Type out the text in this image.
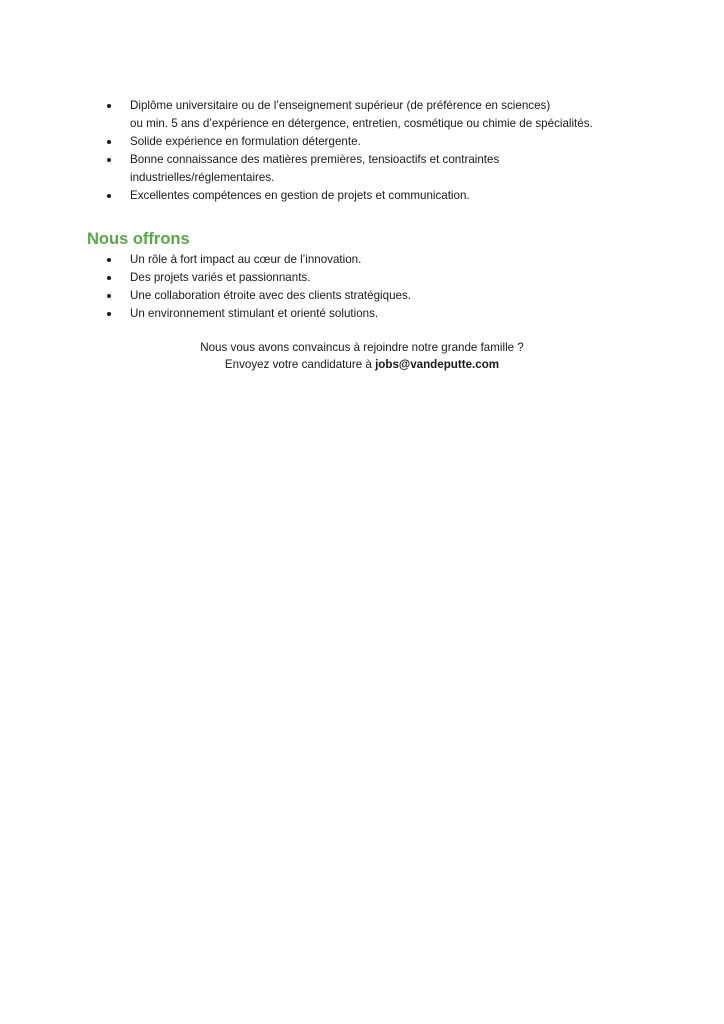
Diplôme universitaire ou de l’enseignement supérieur (de préférence en sciences)
ou min. 5 ans d’expérience en détergence, entretien, cosmétique ou chimie de spécialités.
Solide expérience en formulation détergente.
Bonne connaissance des matières premières, tensioactifs et contraintes
industrielles/réglementaires.
Excellentes compétences en gestion de projets et communication.
Nous offrons
Un rôle à fort impact au cœur de l’innovation.
Des projets variés et passionnants.
Une collaboration étroite avec des clients stratégiques.
Un environnement stimulant et orienté solutions.
Nous vous avons convaincus à rejoindre notre grande famille ?
Envoyez votre candidature à jobs@vandeputte.com
